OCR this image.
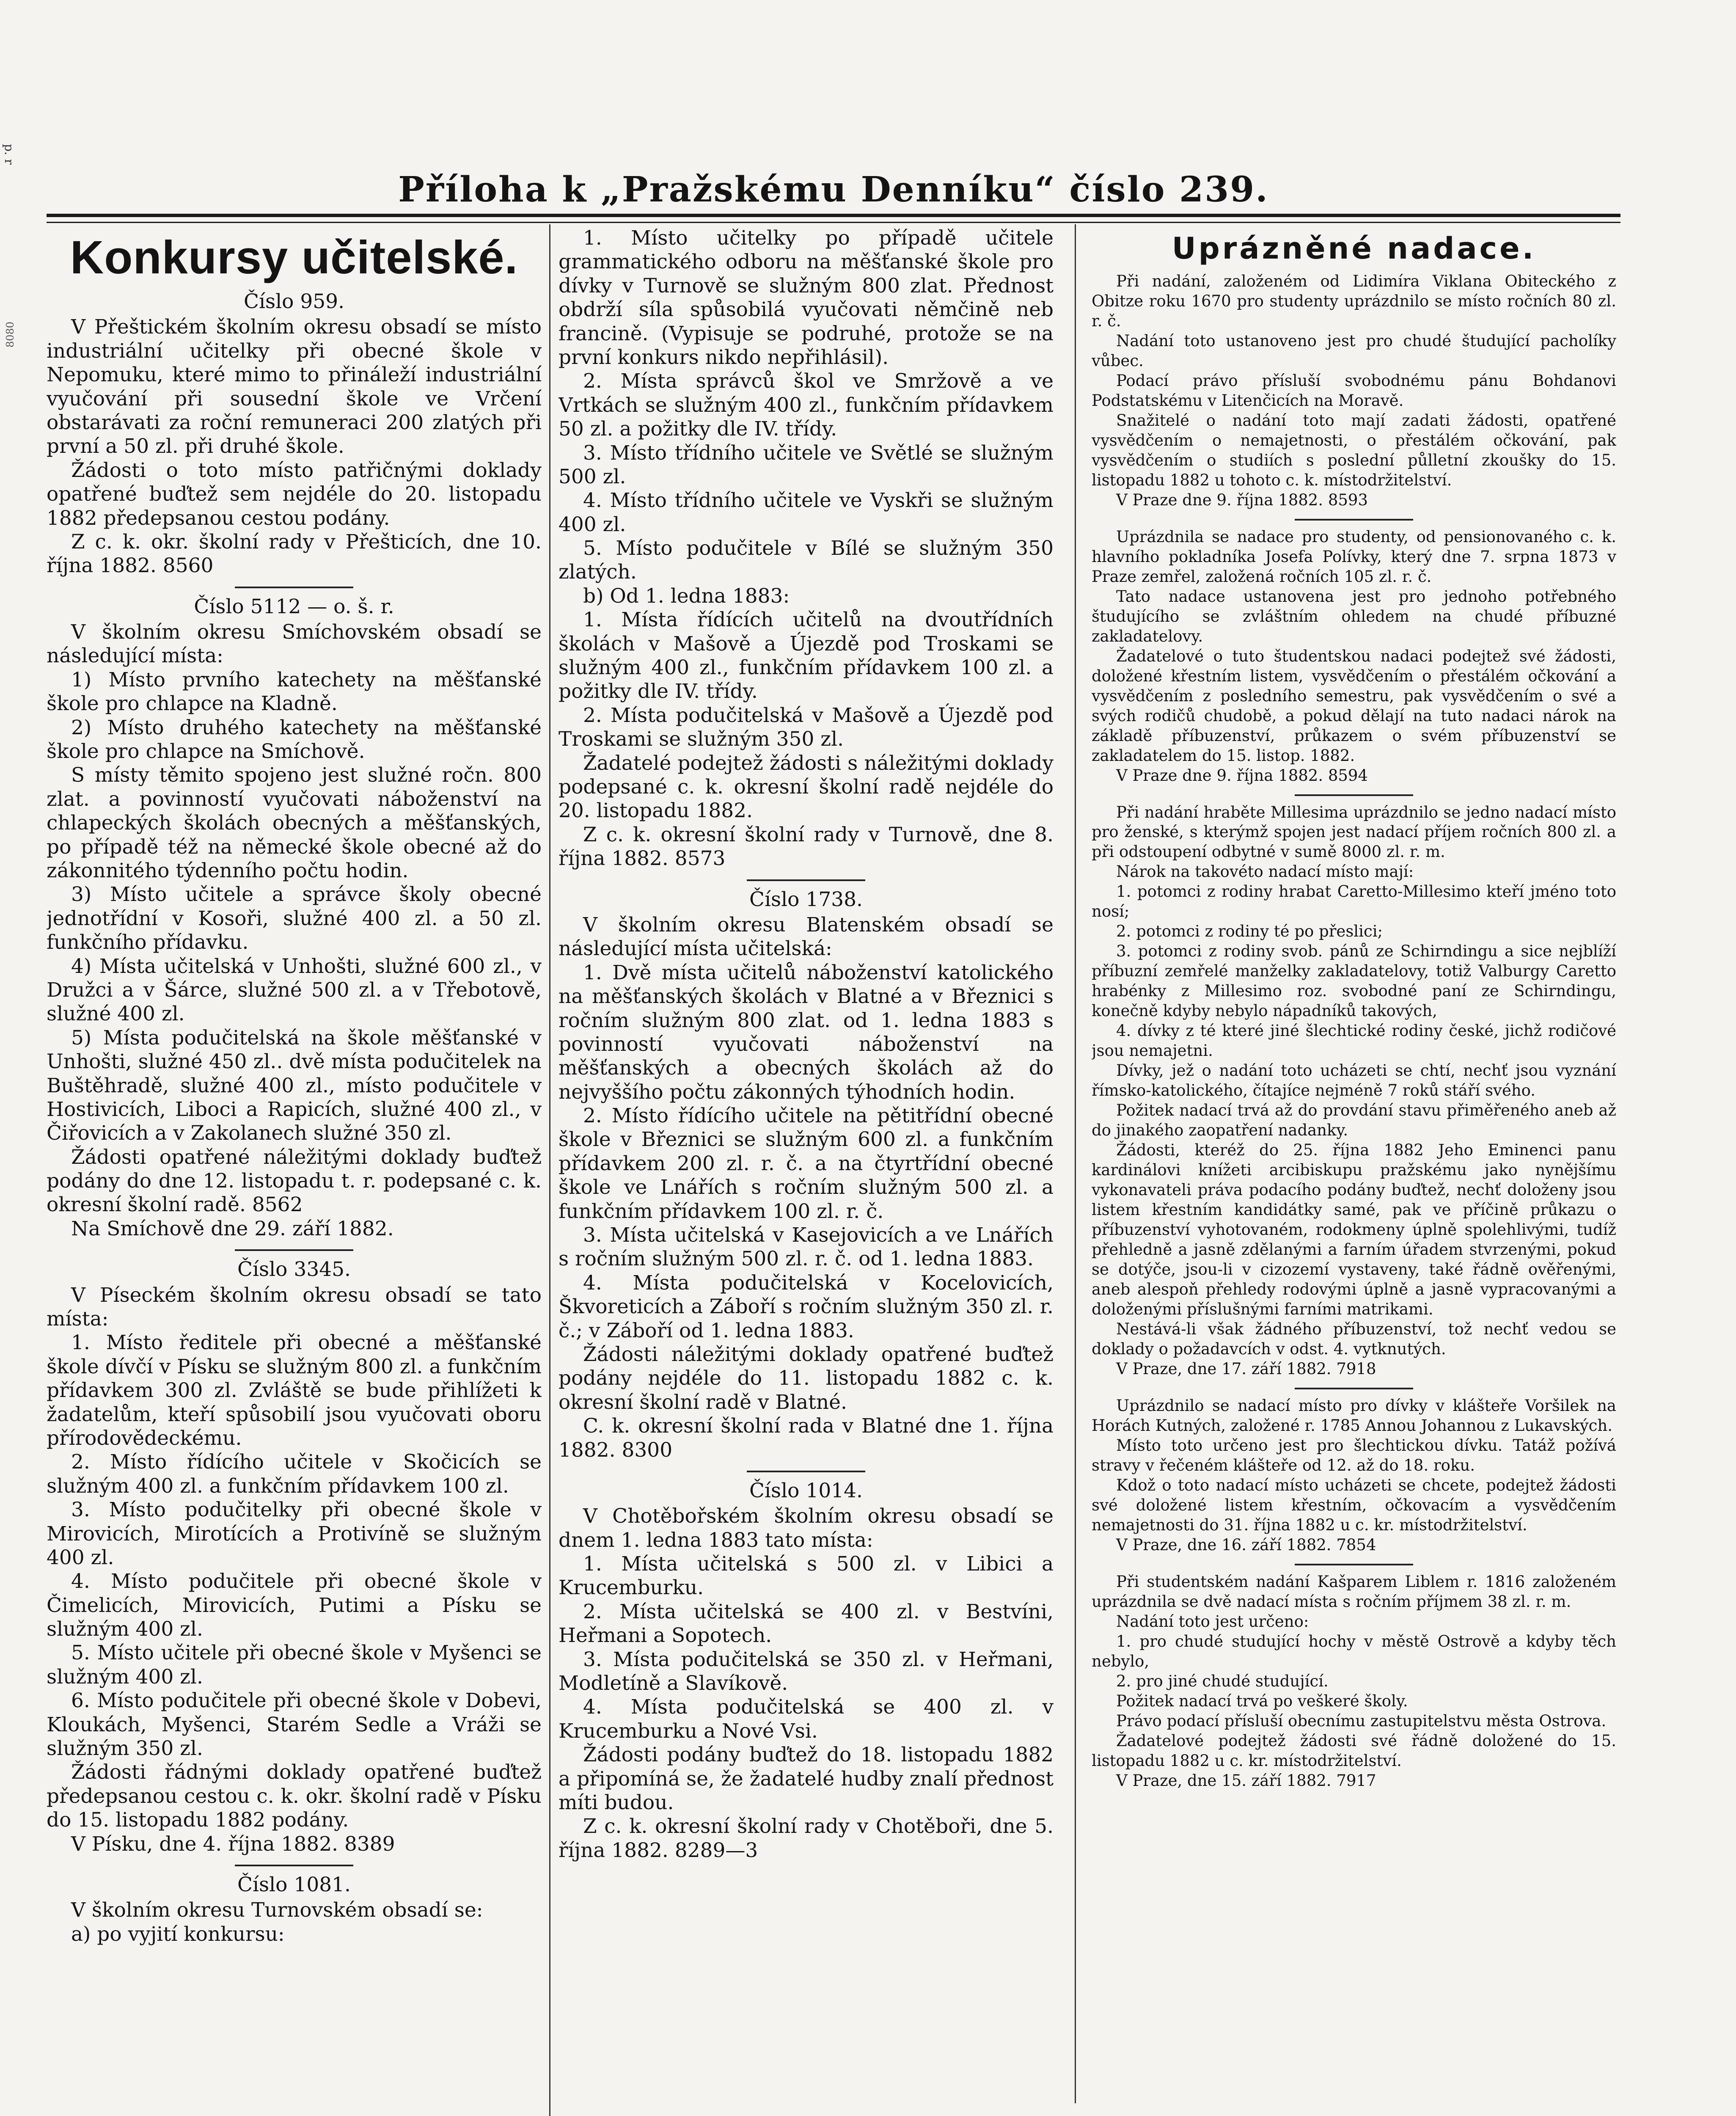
p. r
8080
Příloha k „Pražskému Denníku“ číslo 239.
Konkursy učitelské.
Číslo 959.

V Přeštickém školním okresu obsadí se místo industriální učitelky při obecné škole v Nepomuku, které mimo to přináleží industriální vyučování při sousední škole ve Vrčení obstarávati za roční remuneraci 200 zlatých při první a 50 zl. při druhé škole.

Žádosti o toto místo patřičnými doklady opatřené buďtež sem nejdéle do 20. listopadu 1882 předepsanou cestou podány.

Z c. k. okr. školní rady v Přešticích, dne 10. října 1882. 8560

Číslo 5112 — o. š. r.

V školním okresu Smíchovském obsadí se následující místa:

1) Místo prvního katechety na měšťanské škole pro chlapce na Kladně.

2) Místo druhého katechety na měšťanské škole pro chlapce na Smíchově.

S místy těmito spojeno jest služné ročn. 800 zlat. a povinností vyučovati náboženství na chlapeckých školách obecných a měšťanských, po případě též na německé škole obecné až do zákonnitého týdenního počtu hodin.

3) Místo učitele a správce školy obecné jednotřídní v Kosoři, služné 400 zl. a 50 zl. funkčního přídavku.

4) Místa učitelská v Unhošti, služné 600 zl., v Družci a v Šárce, služné 500 zl. a v Třebotově, služné 400 zl.

5) Místa podučitelská na škole měšťanské v Unhošti, služné 450 zl.. dvě místa podučitelek na Buštěhradě, služné 400 zl., místo podučitele v Hostivicích, Liboci a Rapicích, služné 400 zl., v Čiřovicích a v Zakolanech služné 350 zl.

Žádosti opatřené náležitými doklady buďtež podány do dne 12. listopadu t. r. podepsané c. k. okresní školní radě. 8562

Na Smíchově dne 29. září 1882.

Číslo 3345.

V Píseckém školním okresu obsadí se tato místa:

1. Místo ředitele při obecné a měšťanské škole dívčí v Písku se služným 800 zl. a funkčním přídavkem 300 zl. Zvláště se bude přihlížeti k žadatelům, kteří spůsobilí jsou vyučovati oboru přírodovědeckému.

2. Místo řídícího učitele v Skočicích se služným 400 zl. a funkčním přídavkem 100 zl.

3. Místo podučitelky při obecné škole v Mirovicích, Mirotících a Protivíně se služným 400 zl.

4. Místo podučitele při obecné škole v Čimelicích, Mirovicích, Putimi a Písku se služným 400 zl.

5. Místo učitele při obecné škole v Myšenci se služným 400 zl.

6. Místo podučitele při obecné škole v Dobevi, Kloukách, Myšenci, Starém Sedle a Vráži se služným 350 zl.

Žádosti řádnými doklady opatřené buďtež předepsanou cestou c. k. okr. školní radě v Písku do 15. listopadu 1882 podány.

V Písku, dne 4. října 1882. 8389

Číslo 1081.

V školním okresu Turnovském obsadí se:

a) po vyjití konkursu:

1. Místo učitelky po případě učitele grammatického odboru na měšťanské škole pro dívky v Turnově se služným 800 zlat. Přednost obdrží síla spůsobilá vyučovati němčině neb francině. (Vypisuje se podruhé, protože se na první konkurs nikdo nepřihlásil).

2. Místa správců škol ve Smržově a ve Vrtkách se služným 400 zl., funkčním přídavkem 50 zl. a požitky dle IV. třídy.

3. Místo třídního učitele ve Světlé se služným 500 zl.

4. Místo třídního učitele ve Vyskři se služným 400 zl.

5. Místo podučitele v Bílé se služným 350 zlatých.

b) Od 1. ledna 1883:

1. Místa řídících učitelů na dvoutřídních školách v Mašově a Újezdě pod Troskami se služným 400 zl., funkčním přídavkem 100 zl. a požitky dle IV. třídy.

2. Místa podučitelská v Mašově a Újezdě pod Troskami se služným 350 zl.

Žadatelé podejtež žádosti s náležitými doklady podepsané c. k. okresní školní radě nejdéle do 20. listopadu 1882.

Z c. k. okresní školní rady v Turnově, dne 8. října 1882. 8573

Číslo 1738.

V školním okresu Blatenském obsadí se následující místa učitelská:

1. Dvě místa učitelů náboženství katolického na měšťanských školách v Blatné a v Březnici s ročním služným 800 zlat. od 1. ledna 1883 s povinností vyučovati náboženství na měšťanských a obecných školách až do nejvyššího počtu zákonných týhodních hodin.

2. Místo řídícího učitele na pětitřídní obecné škole v Březnici se služným 600 zl. a funkčním přídavkem 200 zl. r. č. a na čtyrtřídní obecné škole ve Lnářích s ročním služným 500 zl. a funkčním přídavkem 100 zl. r. č.

3. Místa učitelská v Kasejovicích a ve Lnářích s ročním služným 500 zl. r. č. od 1. ledna 1883.

4. Místa podučitelská v Kocelovicích, Škvoreticích a Záboří s ročním služným 350 zl. r. č.; v Záboří od 1. ledna 1883.

Žádosti náležitými doklady opatřené buďtež podány nejdéle do 11. listopadu 1882 c. k. okresní školní radě v Blatné.

C. k. okresní školní rada v Blatné dne 1. října 1882. 8300

Číslo 1014.

V Chotěbořském školním okresu obsadí se dnem 1. ledna 1883 tato místa:

1. Místa učitelská s 500 zl. v Libici a Krucemburku.

2. Místa učitelská se 400 zl. v Bestvíni, Heřmani a Sopotech.

3. Místa podučitelská se 350 zl. v Heřmani, Modletíně a Slavíkově.

4. Místa podučitelská se 400 zl. v Krucemburku a Nové Vsi.

Žádosti podány buďtež do 18. listopadu 1882 a připomíná se, že žadatelé hudby znalí přednost míti budou.

Z c. k. okresní školní rady v Chotěboři, dne 5. října 1882. 8289—3

Uprázněné nadace.

Při nadání, založeném od Lidimíra Viklana Obiteckého z Obitze roku 1670 pro studenty uprázdnilo se místo ročních 80 zl. r. č.

Nadání toto ustanoveno jest pro chudé študující pacholíky vůbec.

Podací právo přísluší svobodnému pánu Bohdanovi Podstatskému v Litenčicích na Moravě.

Snažitelé o nadání toto mají zadati žádosti, opatřené vysvědčením o nemajetnosti, o přestálém očkování, pak vysvědčením o studiích s poslední půlletní zkoušky do 15. listopadu 1882 u tohoto c. k. místodržitelství.

V Praze dne 9. října 1882. 8593

Uprázdnila se nadace pro studenty, od pensionovaného c. k. hlavního pokladníka Josefa Polívky, který dne 7. srpna 1873 v Praze zemřel, založená ročních 105 zl. r. č.

Tato nadace ustanovena jest pro jednoho potřebného študujícího se zvláštním ohledem na chudé příbuzné zakladatelovy.

Žadatelové o tuto študentskou nadaci podejtež své žádosti, doložené křestním listem, vysvědčením o přestálém očkování a vysvědčením z posledního semestru, pak vysvědčením o své a svých rodičů chudobě, a pokud dělají na tuto nadaci nárok na základě příbuzenství, průkazem o svém příbuzenství se zakladatelem do 15. listop. 1882.

V Praze dne 9. října 1882. 8594

Při nadání hraběte Millesima uprázdnilo se jedno nadací místo pro ženské, s kterýmž spojen jest nadací příjem ročních 800 zl. a při odstoupení odbytné v sumě 8000 zl. r. m.

Nárok na takovéto nadací místo mají:

1. potomci z rodiny hrabat Caretto-Millesimo kteří jméno toto nosí;

2. potomci z rodiny té po přeslici;

3. potomci z rodiny svob. pánů ze Schirndingu a sice nejblíží příbuzní zemřelé manželky zakladatelovy, totiž Valburgy Caretto hrabénky z Millesimo roz. svobodné paní ze Schirndingu, konečně kdyby nebylo nápadníků takových,

4. dívky z té které jiné šlechtické rodiny české, jichž rodičové jsou nemajetni.

Dívky, jež o nadání toto ucházeti se chtí, nechť jsou vyznání římsko-katolického, čítajíce nejméně 7 roků stáří svého.

Požitek nadací trvá až do provdání stavu přiměřeného aneb až do jinakého zaopatření nadanky.

Žádosti, kteréž do 25. října 1882 Jeho Eminenci panu kardinálovi knížeti arcibiskupu pražskému jako nynějšímu vykonavateli práva podacího podány buďtež, nechť doloženy jsou listem křestním kandidátky samé, pak ve příčině průkazu o příbuzenství vyhotovaném, rodokmeny úplně spolehlivými, tudíž přehledně a jasně zdělanými a farním úřadem stvrzenými, pokud se dotýče, jsou-li v cizozemí vystaveny, také řádně ověřenými, aneb alespoň přehledy rodovými úplně a jasně vypracovanými a doloženými příslušnými farními matrikami.

Nestává-li však žádného příbuzenství, tož nechť vedou se doklady o požadavcích v odst. 4. vytknutých.

V Praze, dne 17. září 1882. 7918

Uprázdnilo se nadací místo pro dívky v klášteře Voršilek na Horách Kutných, založené r. 1785 Annou Johannou z Lukavských.

Místo toto určeno jest pro šlechtickou dívku. Tatáž požívá stravy v řečeném klášteře od 12. až do 18. roku.

Kdož o toto nadací místo ucházeti se chcete, podejtež žádosti své doložené listem křestním, očkovacím a vysvědčením nemajetnosti do 31. října 1882 u c. kr. místodržitelství.

V Praze, dne 16. září 1882. 7854

Při studentském nadání Kašparem Liblem r. 1816 založeném uprázdnila se dvě nadací místa s ročním příjmem 38 zl. r. m.

Nadání toto jest určeno:

1. pro chudé studující hochy v městě Ostrově a kdyby těch nebylo,

2. pro jiné chudé studující.

Požitek nadací trvá po veškeré školy.

Právo podací přísluší obecnímu zastupitelstvu města Ostrova.

Žadatelové podejtež žádosti své řádně doložené do 15. listopadu 1882 u c. kr. místodržitelství.

V Praze, dne 15. září 1882. 7917
